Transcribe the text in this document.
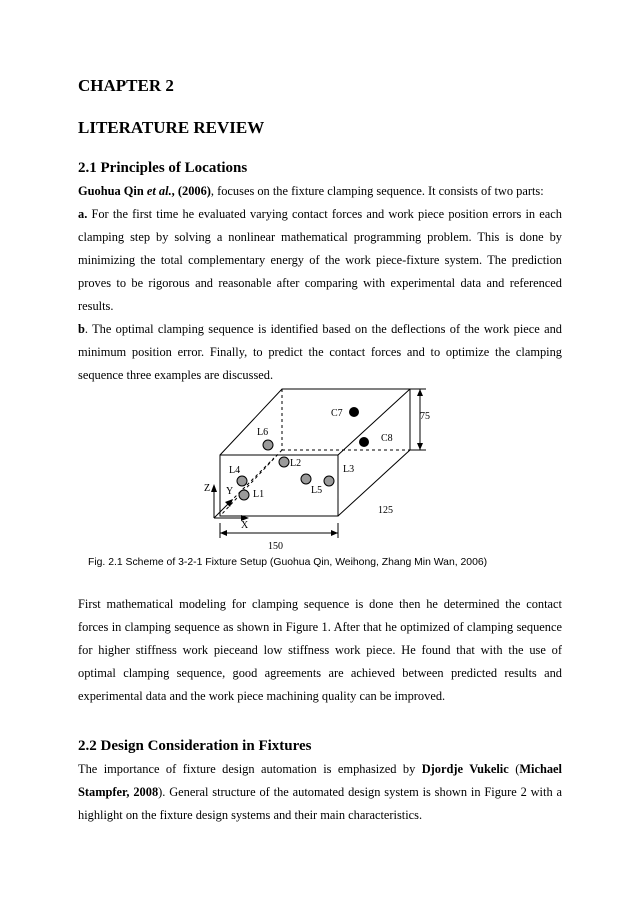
CHAPTER 2
LITERATURE REVIEW
2.1 Principles of Locations

Guohua Qin et al., (2006), focuses on the fixture clamping sequence. It consists of two parts:

a. For the first time he evaluated varying contact forces and work piece position errors in each clamping step by solving a nonlinear mathematical programming problem. This is done by minimizing the total complementary energy of the work piece-fixture system. The prediction proves to be rigorous and reasonable after comparing with experimental data and referenced results.

b. The optimal clamping sequence is identified based on the deflections of the work piece and minimum position error. Finally, to predict the contact forces and to optimize the clamping sequence three examples are discussed.

C7
C8
L6
L2
L3
L4
L1	L5
Z Y
X
75
125
150

Fig. 2.1 Scheme of 3-2-1 Fixture Setup (Guohua Qin, Weihong, Zhang Min Wan, 2006)

First mathematical modeling for clamping sequence is done then he determined the contact forces in clamping sequence as shown in Figure 1. After that he optimized of clamping sequence for higher stiffness work pieceand low stiffness work piece. He found that with the use of optimal clamping sequence, good agreements are achieved between predicted results and experimental data and the work piece machining quality can be improved.

2.2 Design Consideration in Fixtures

The importance of fixture design automation is emphasized by Djordje Vukelic (Michael Stampfer, 2008). General structure of the automated design system is shown in Figure 2 with a highlight on the fixture design systems and their main characteristics.
